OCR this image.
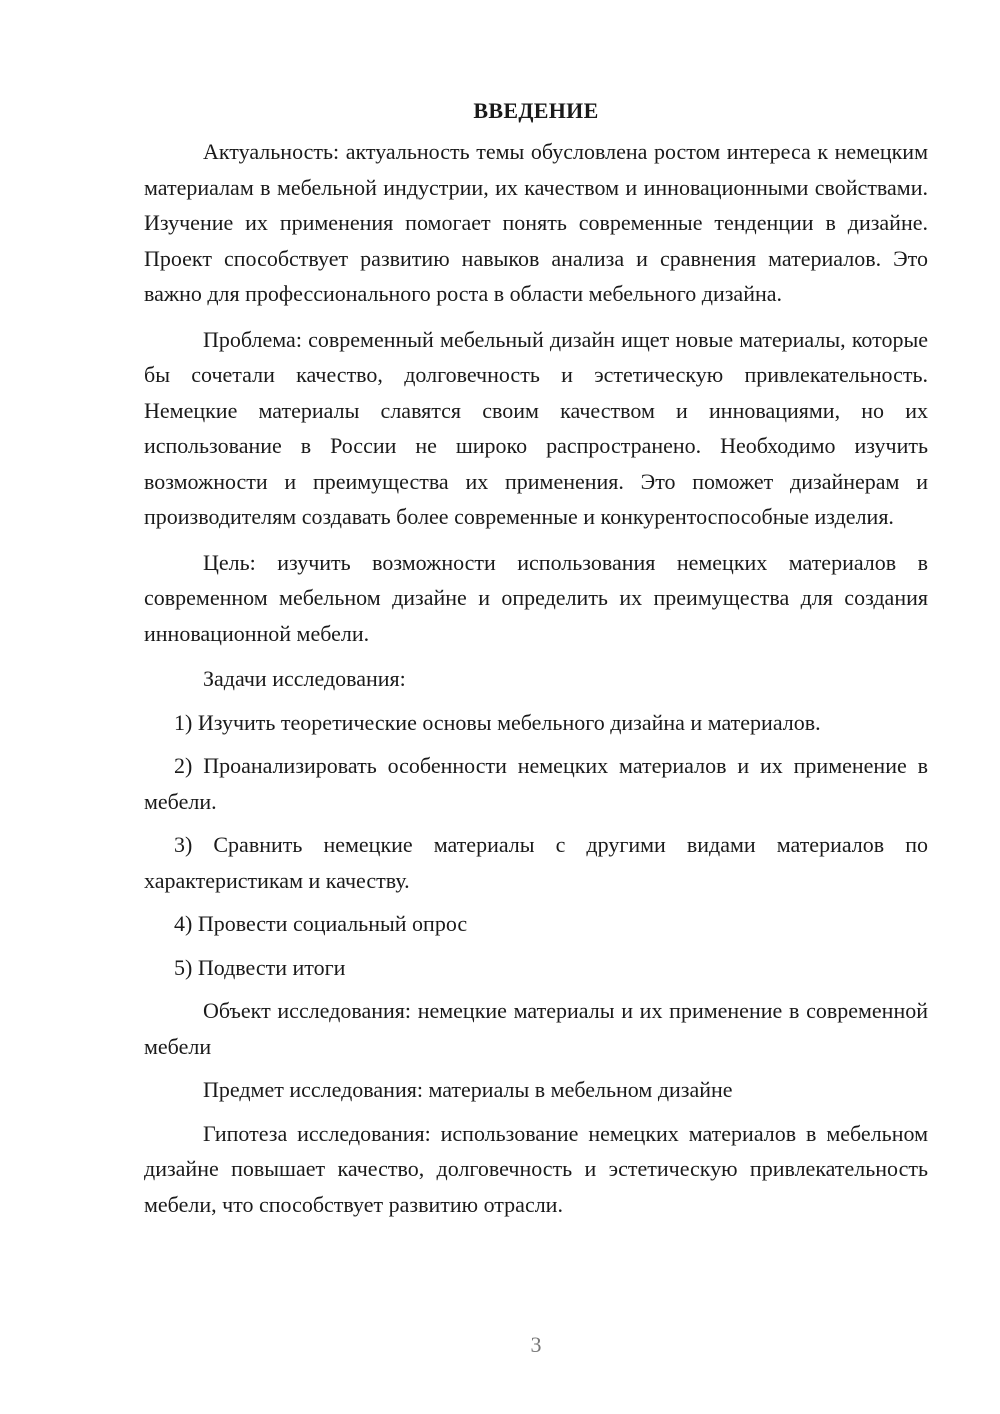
ВВЕДЕНИЕ

Актуальность: актуальность темы обусловлена ростом интереса к немецким материалам в мебельной индустрии, их качеством и инновационными свойствами. Изучение их применения помогает понять современные тенденции в дизайне. Проект способствует развитию навыков анализа и сравнения материалов. Это важно для профессионального роста в области мебельного дизайна.

Проблема: современный мебельный дизайн ищет новые материалы, которые бы сочетали качество, долговечность и эстетическую привлекательность. Немецкие материалы славятся своим качеством и инновациями, но их использование в России не широко распространено. Необходимо изучить возможности и преимущества их применения. Это поможет дизайнерам и производителям создавать более современные и конкурентоспособные изделия.

Цель: изучить возможности использования немецких материалов в современном мебельном дизайне и определить их преимущества для создания инновационной мебели.

Задачи исследования:

1) Изучить теоретические основы мебельного дизайна и материалов.

2) Проанализировать особенности немецких материалов и их применение в мебели.

3) Сравнить немецкие материалы с другими видами материалов по характеристикам и качеству.

4) Провести социальный опрос

5) Подвести итоги

Объект исследования: немецкие материалы и их применение в современной мебели

Предмет исследования: материалы в мебельном дизайне

Гипотеза исследования: использование немецких материалов в мебельном дизайне повышает качество, долговечность и эстетическую привлекательность мебели, что способствует развитию отрасли.

3
